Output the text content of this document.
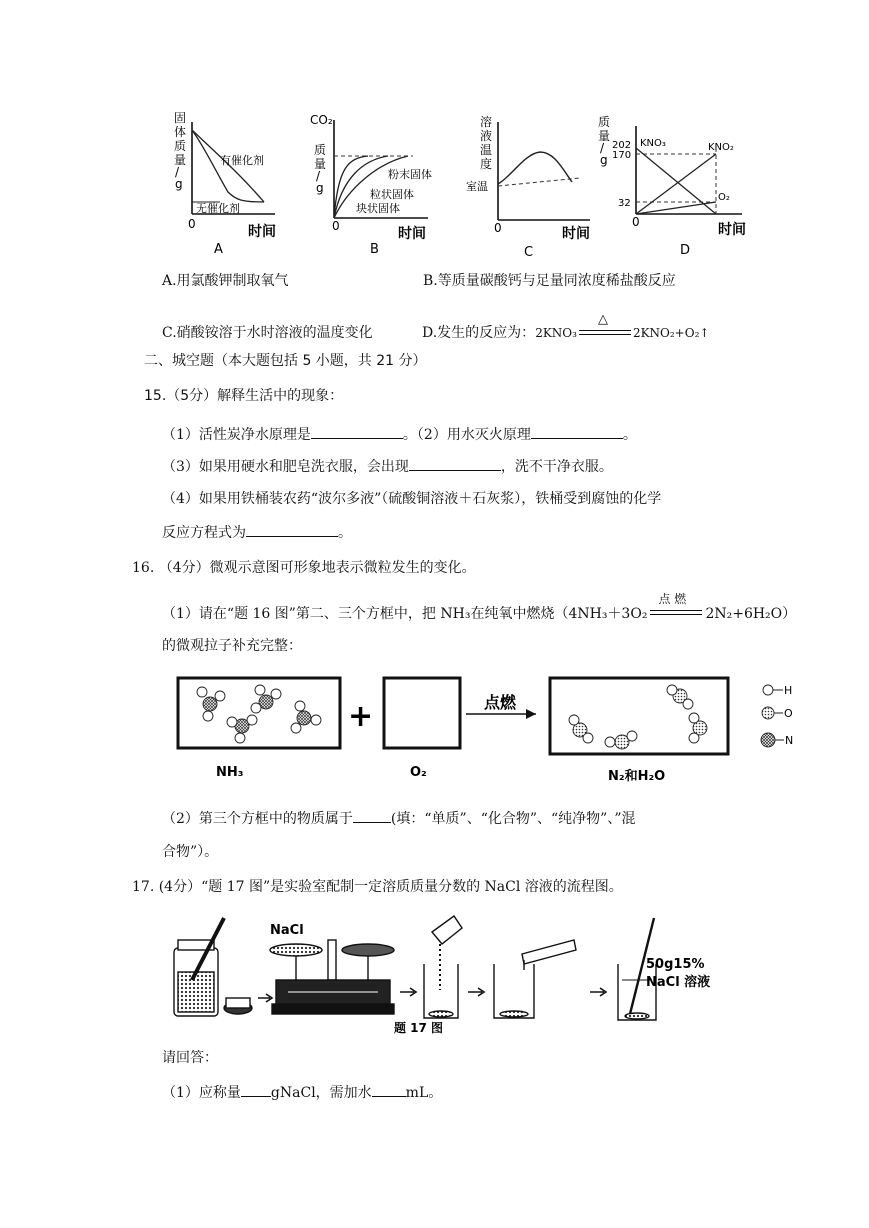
固
体
质
量
/
g
有催化剂
无催化剂
0	时间
A
CO₂
质
量
/
g
粉末固体
粒状固体
块状固体
0	时间
B
溶
液
温
度
室温
0	时间
C
质
量
/
g
202
170
32
KNO₃	KNO₂
O₂
0	时间
D
A.用氯酸钾制取氧气	B.等质量碳酸钙与足量同浓度稀盐酸反应
C.硝酸铵溶于水时溶液的温度变化	D.发生的反应为：2KNO₃
△
2KNO₂+O₂↑
二、城空题（本大题包括 5 小题，共 21 分）
15.（5分）解释生活中的现象：
（1）活性炭净水原理是	。（2）用水灭火原理	。
（3）如果用硬水和肥皂洗衣服，会出现	，洗不干净衣服。
（4）如果用铁桶装农药“波尔多液”（硫酸铜溶液＋石灰浆），铁桶受到腐蚀的化学
反应方程式为	。
16. （4分）微观示意图可形象地表示微粒发生的变化。
（1）请在“题 16 图”第二、三个方框中，把 NH₃在纯氧中燃烧（4NH₃＋3O₂
点 燃
2N₂+6H₂O）
的微观拉子补充完整：
+	点燃
H
O
N
NH₃	O₂	N₂和H₂O
（2）第三个方框中的物质属于	(填：“单质”、“化合物”、“纯净物”、”混
合物”）。
17. (4分）“题 17 图”是实验室配制一定溶质质量分数的 NaCl 溶液的流程图。
NaCl
50g15%
NaCl 溶液
题 17 图
请回答：
（1）应称量 gNaCl，需加水 mL。
